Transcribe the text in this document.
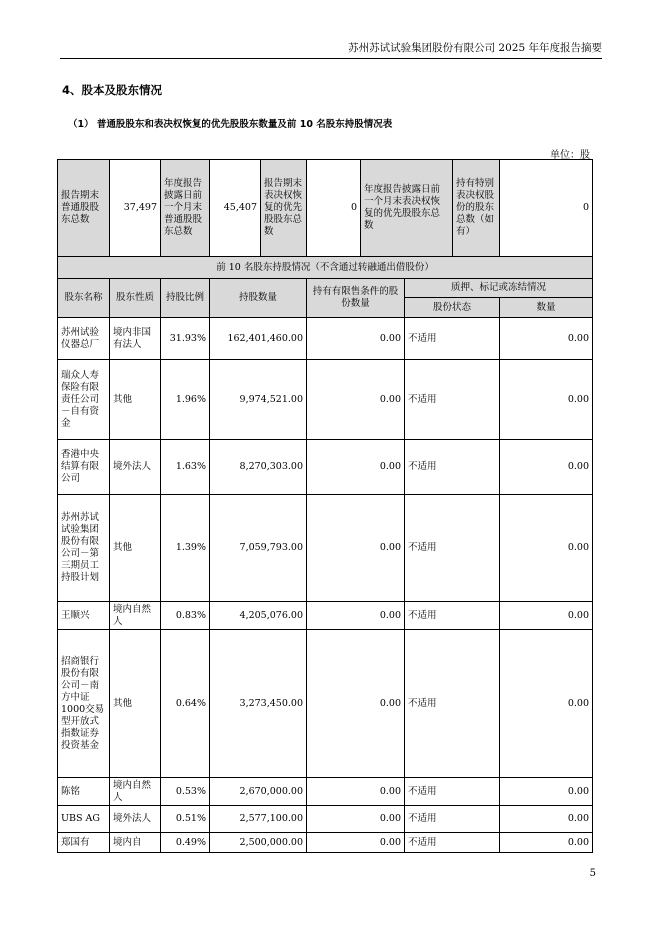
苏州苏试试验集团股份有限公司 2025 年年度报告摘要
4、股本及股东情况
（1） 普通股股东和表决权恢复的优先股股东数量及前 10 名股东持股情况表
单位：股
报告期末普通股股东总数	37,497	年度报告披露日前一个月末普通股股东总数	45,407	报告期末表决权恢复的优先股股东总数	0	年度报告披露日前一个月末表决权恢复的优先股股东总数		持有特别表决权股份的股东总数（如有）	0
前 10 名股东持股情况（不含通过转融通出借股份）									
股东名称	股东性质	持股比例	持股数量		持有有限售条件的股份数量		质押、标记或冻结情况		
							股份状态		数量
苏州试验仪器总厂	境内非国有法人	31.93%	162,401,460.00		0.00		不适用		0.00
瑞众人寿保险有限责任公司－自有资金	其他	1.96%	9,974,521.00		0.00		不适用		0.00
香港中央结算有限公司	境外法人	1.63%	8,270,303.00		0.00		不适用		0.00
苏州苏试试验集团股份有限公司－第三期员工持股计划	其他	1.39%	7,059,793.00		0.00		不适用		0.00
王顺兴	境内自然人	0.83%	4,205,076.00		0.00		不适用		0.00
招商银行股份有限公司－南方中证1000交易型开放式指数证券投资基金	其他	0.64%	3,273,450.00		0.00		不适用		0.00
陈铭	境内自然人	0.53%	2,670,000.00		0.00		不适用		0.00
UBS AG	境外法人	0.51%	2,577,100.00		0.00		不适用		0.00
郑国有	境内自	0.49%	2,500,000.00		0.00		不适用		0.00
5
